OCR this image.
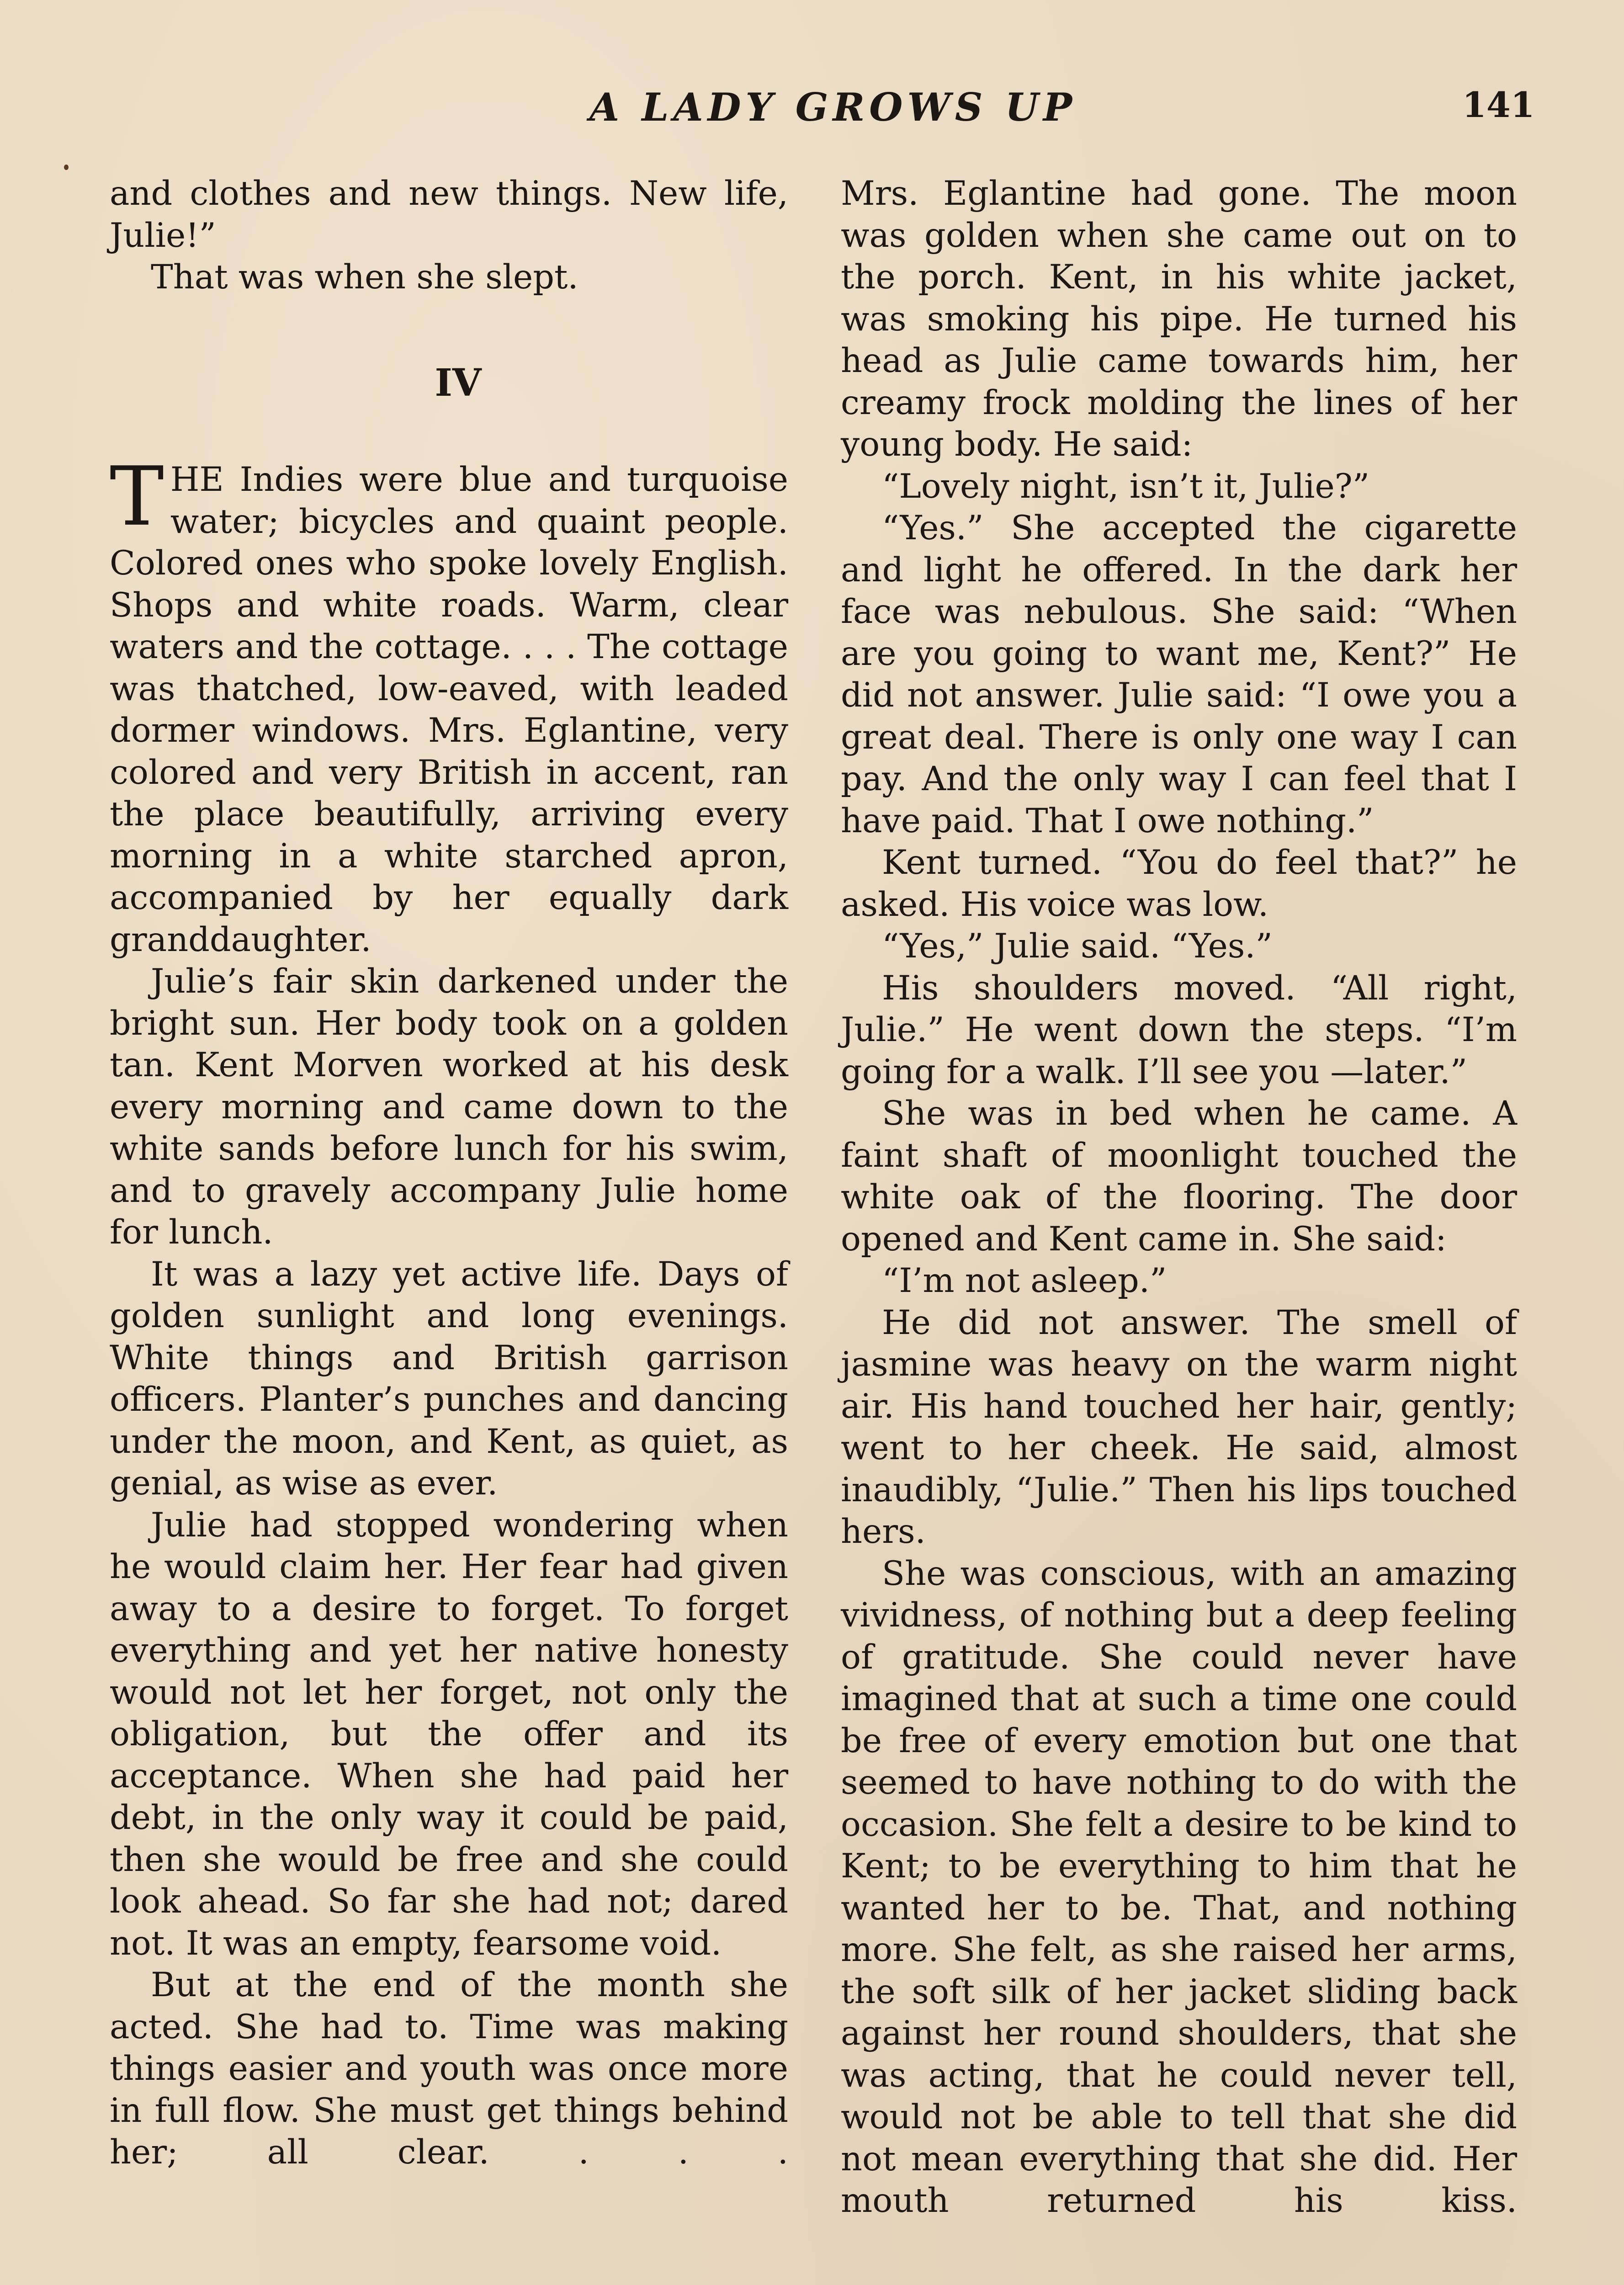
A LADY GROWS UP	141

and clothes and new things. New life, Julie!”

That was when she slept.

IV

THE Indies were blue and turquoise water; bicycles and quaint people. Colored ones who spoke lovely English. Shops and white roads. Warm, clear waters and the cottage. . . . The cottage was thatched, low-eaved, with leaded dormer windows. Mrs. Eglantine, very colored and very British in accent, ran the place beautifully, arriving every morning in a white starched apron, accompanied by her equally dark granddaughter.

Julie’s fair skin darkened under the bright sun. Her body took on a golden tan. Kent Morven worked at his desk every morning and came down to the white sands before lunch for his swim, and to gravely accompany Julie home for lunch.

It was a lazy yet active life. Days of golden sunlight and long evenings. White things and British garrison officers. Planter’s punches and dancing under the moon, and Kent, as quiet, as genial, as wise as ever.

Julie had stopped wondering when he would claim her. Her fear had given away to a desire to forget. To forget everything and yet her native honesty would not let her forget, not only the obligation, but the offer and its acceptance. When she had paid her debt, in the only way it could be paid, then she would be free and she could look ahead. So far she had not; dared not. It was an empty, fearsome void.

But at the end of the month she acted. She had to. Time was making things easier and youth was once more in full flow. She must get things behind her; all clear. . . .

Mrs. Eglantine had gone. The moon was golden when she came out on to the porch. Kent, in his white jacket, was smoking his pipe. He turned his head as Julie came towards him, her creamy frock molding the lines of her young body. He said:

“Lovely night, isn’t it, Julie?”

“Yes.” She accepted the cigarette and light he offered. In the dark her face was nebulous. She said: “When are you going to want me, Kent?” He did not answer. Julie said: “I owe you a great deal. There is only one way I can pay. And the only way I can feel that I have paid. That I owe nothing.”

Kent turned. “You do feel that?” he asked. His voice was low.

“Yes,” Julie said. “Yes.”

His shoulders moved. “All right, Julie.” He went down the steps. “I’m going for a walk. I’ll see you —later.”

She was in bed when he came. A faint shaft of moonlight touched the white oak of the flooring. The door opened and Kent came in. She said:

“I’m not asleep.”

He did not answer. The smell of jasmine was heavy on the warm night air. His hand touched her hair, gently; went to her cheek. He said, almost inaudibly, “Julie.” Then his lips touched hers.

She was conscious, with an amazing vividness, of nothing but a deep feeling of gratitude. She could never have imagined that at such a time one could be free of every emotion but one that seemed to have nothing to do with the occasion. She felt a desire to be kind to Kent; to be everything to him that he wanted her to be. That, and nothing more. She felt, as she raised her arms, the soft silk of her jacket sliding back against her round shoulders, that she was acting, that he could never tell, would not be able to tell that she did not mean everything that she did. Her mouth returned his kiss.
